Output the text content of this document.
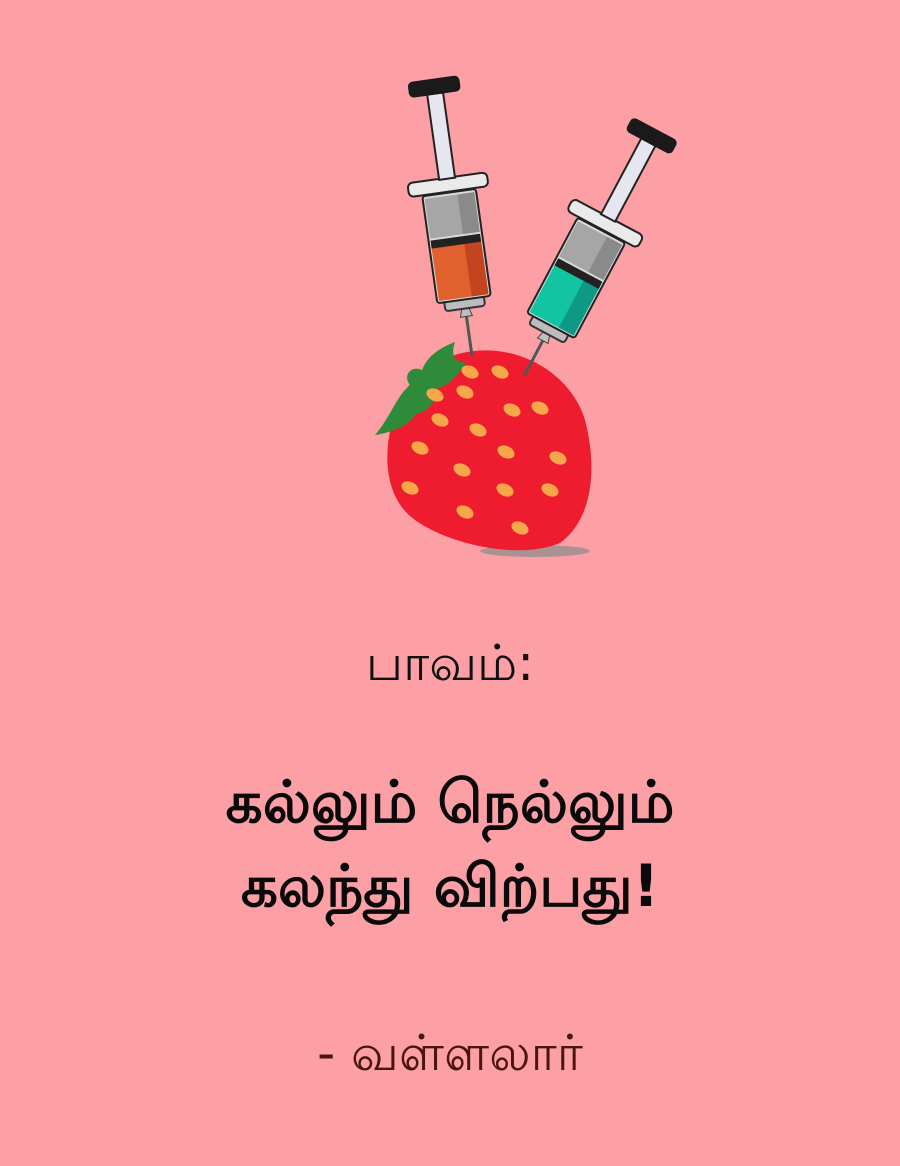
பாவம்:
கல்லும் நெல்லும்
கலந்து விற்பது!
- வள்ளலார்
